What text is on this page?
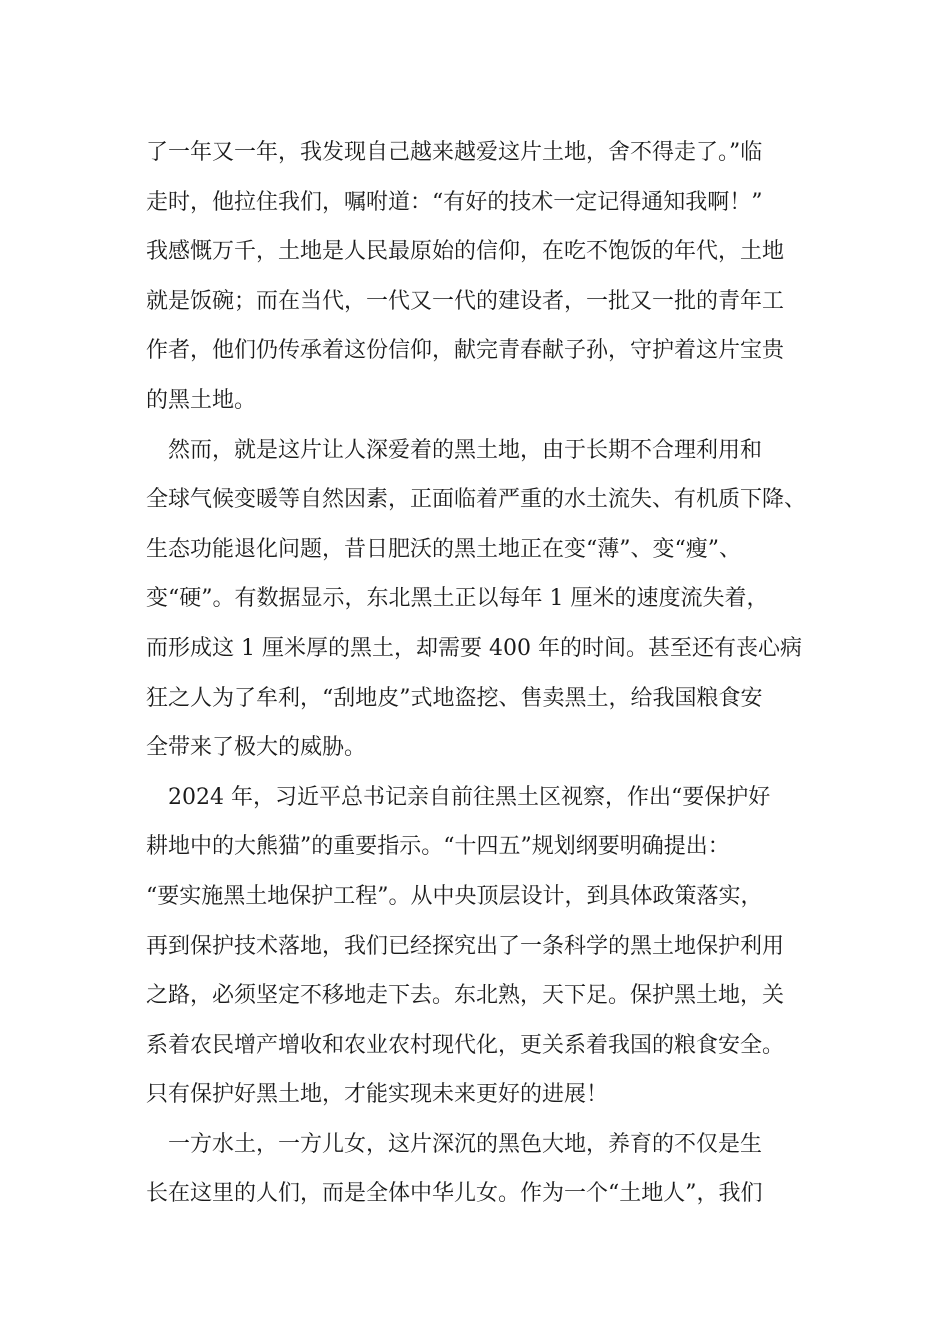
了一年又一年，我发现自己越来越爱这片土地，舍不得走了。”临
走时，他拉住我们，嘱咐道：“有好的技术一定记得通知我啊！”
我感慨万千，土地是人民最原始的信仰，在吃不饱饭的年代，土地
就是饭碗；而在当代，一代又一代的建设者，一批又一批的青年工
作者，他们仍传承着这份信仰，献完青春献子孙，守护着这片宝贵
的黑土地。
　然而，就是这片让人深爱着的黑土地，由于长期不合理利用和
全球气候变暖等自然因素，正面临着严重的水土流失、有机质下降、
生态功能退化问题，昔日肥沃的黑土地正在变“薄”、变“瘦”、
变“硬”。有数据显示，东北黑土正以每年 1 厘米的速度流失着，
而形成这 1 厘米厚的黑土，却需要 400 年的时间。甚至还有丧心病
狂之人为了牟利，“刮地皮”式地盗挖、售卖黑土，给我国粮食安
全带来了极大的威胁。
　2024 年，习近平总书记亲自前往黑土区视察，作出“要保护好
耕地中的大熊猫”的重要指示。“十四五”规划纲要明确提出：
“要实施黑土地保护工程”。从中央顶层设计，到具体政策落实，
再到保护技术落地，我们已经探究出了一条科学的黑土地保护利用
之路，必须坚定不移地走下去。东北熟，天下足。保护黑土地，关
系着农民增产增收和农业农村现代化，更关系着我国的粮食安全。
只有保护好黑土地，才能实现未来更好的进展！
　一方水土，一方儿女，这片深沉的黑色大地，养育的不仅是生
长在这里的人们，而是全体中华儿女。作为一个“土地人”，我们
